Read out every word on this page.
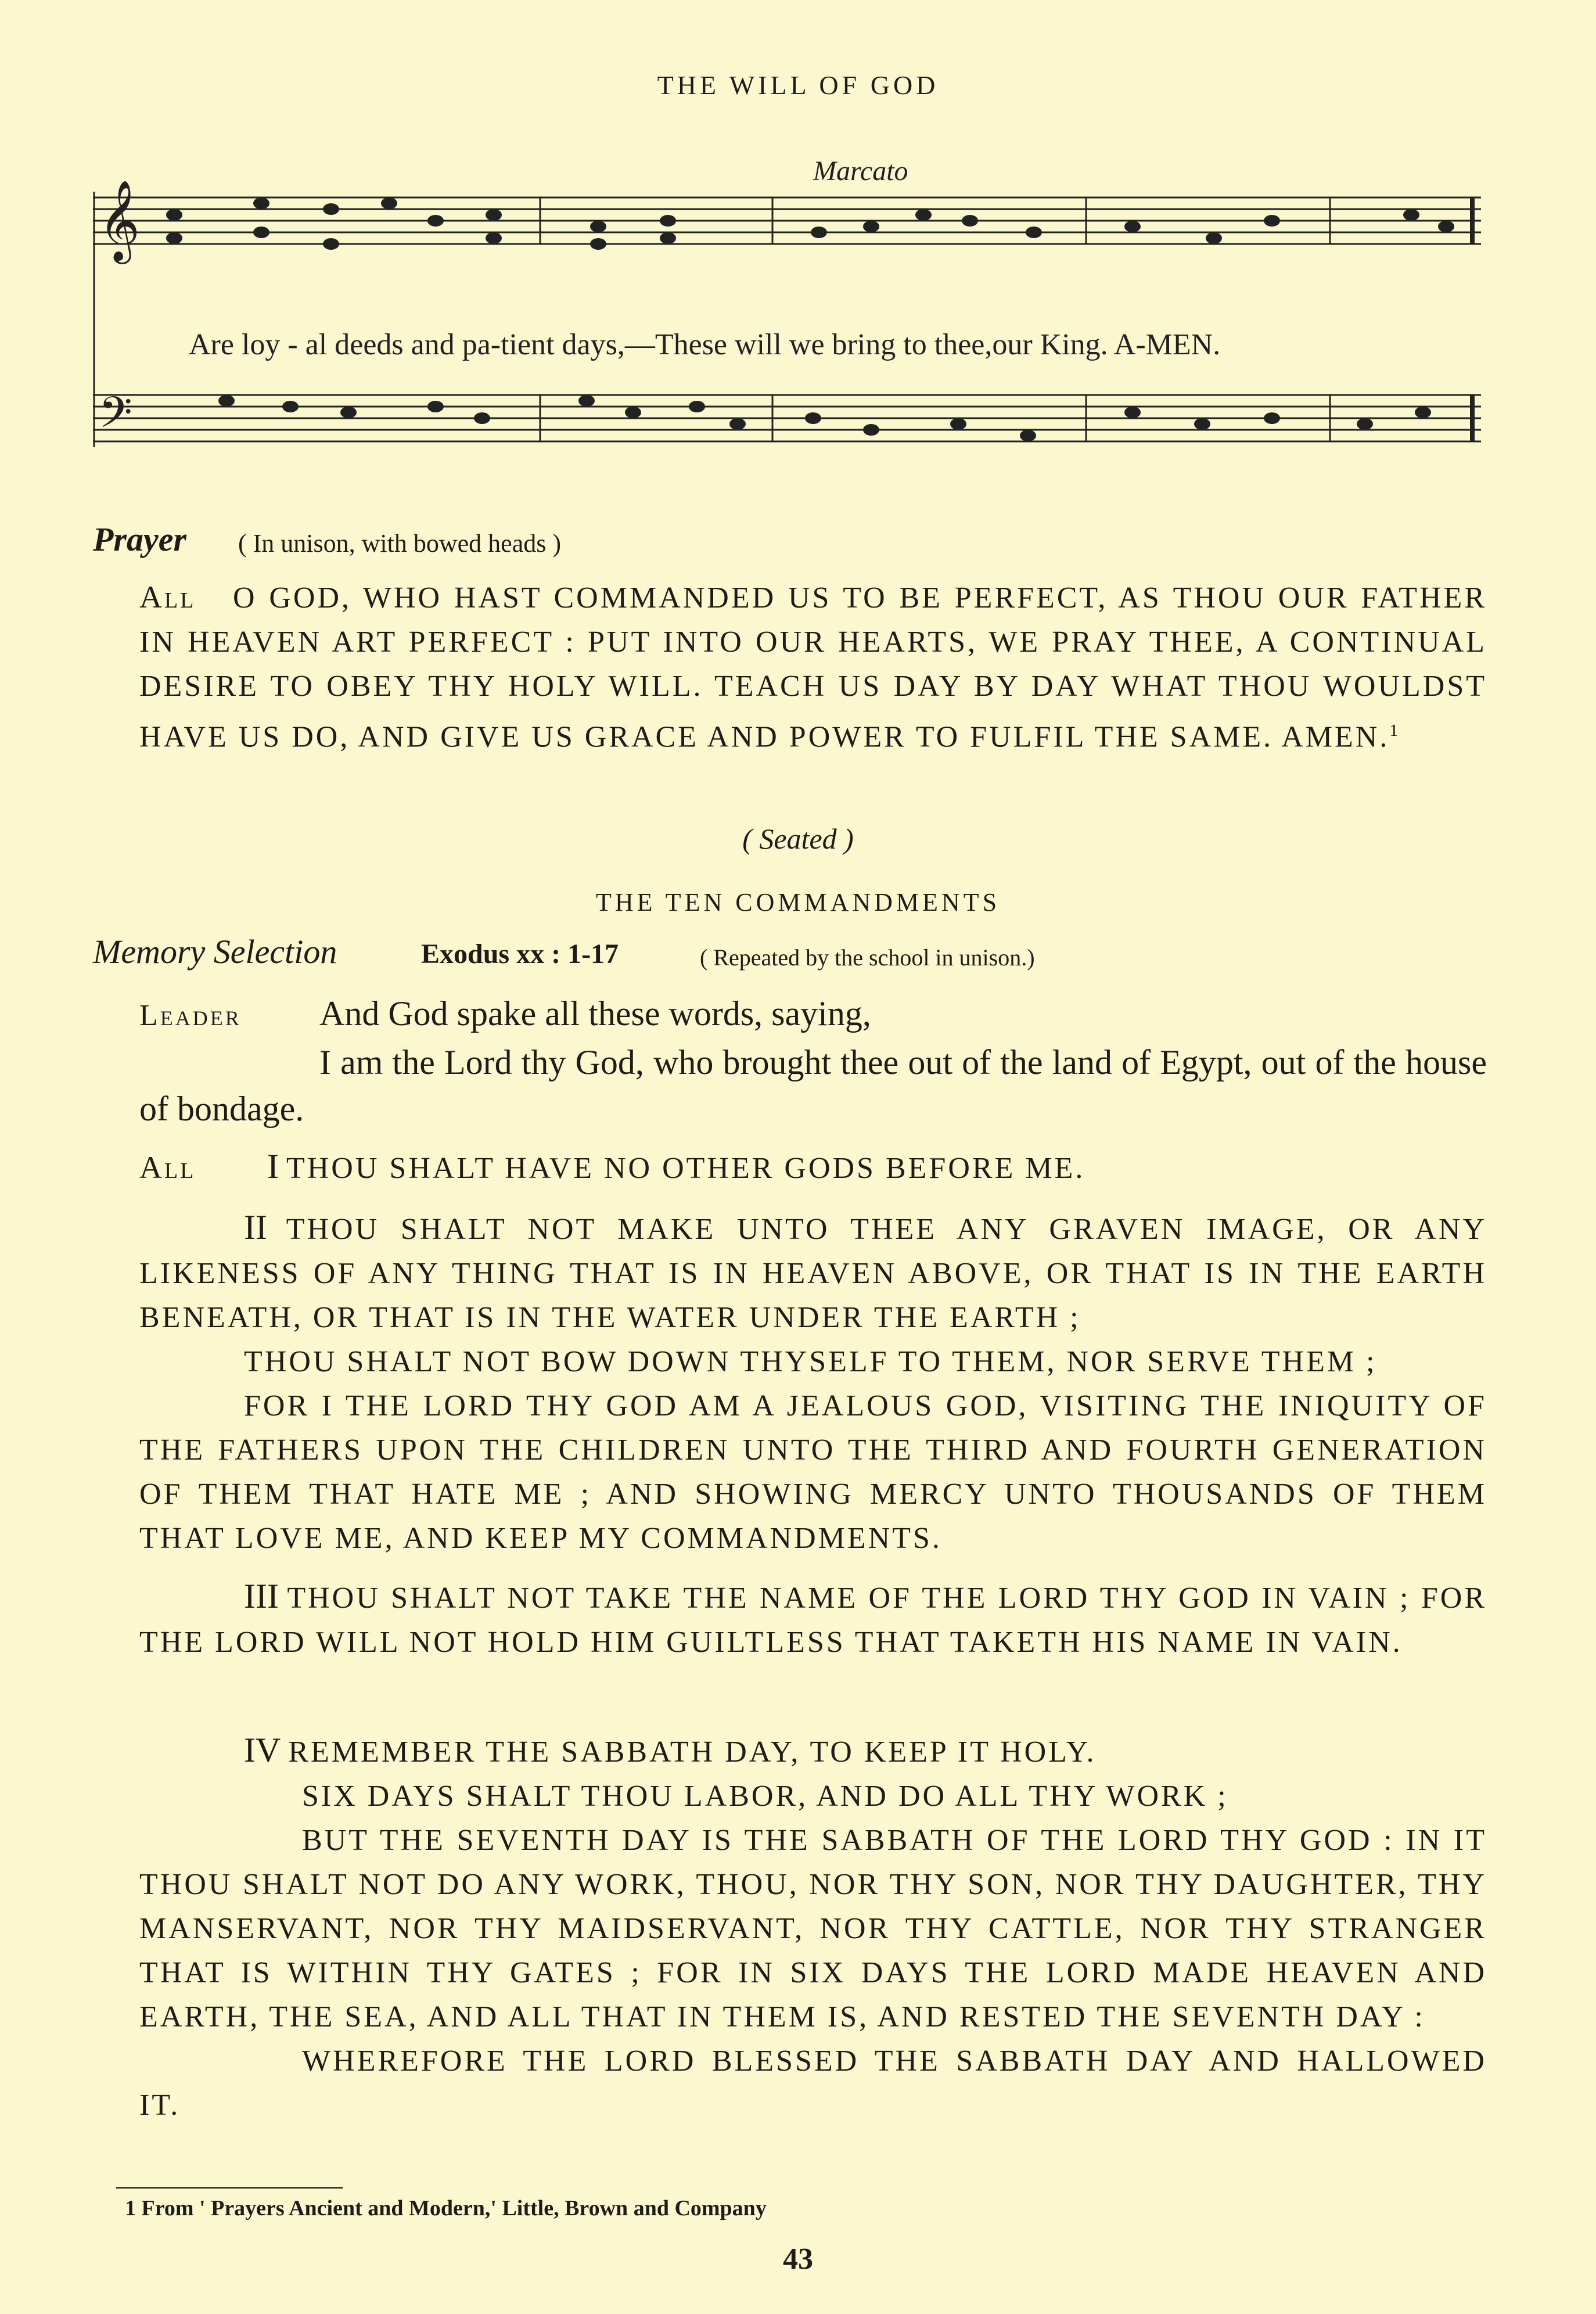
THE WILL OF GOD
𝄞
𝄢
Marcato
Are loy - al deeds and pa-tient days,—These will we bring to thee,our King. A-MEN.
Prayer ( In unison, with bowed heads )
All O GOD, WHO HAST COMMANDED US TO BE PERFECT, AS THOU OUR FATHER IN HEAVEN ART PERFECT : PUT INTO OUR HEARTS, WE PRAY THEE, A CONTINUAL DESIRE TO OBEY THY HOLY WILL. TEACH US DAY BY DAY WHAT THOU WOULDST HAVE US DO, AND GIVE US GRACE AND POWER TO FULFIL THE SAME. AMEN.$^1$
( Seated )
THE TEN COMMANDMENTS
Memory Selection	Exodus xx : 1-17	( Repeated by the school in unison.)
Leader And God spake all these words, saying,
I am the Lord thy God, who brought thee out of the land of Egypt, out of the house of bondage.
All I THOU SHALT HAVE NO OTHER GODS BEFORE ME.
II THOU SHALT NOT MAKE UNTO THEE ANY GRAVEN IMAGE, OR ANY LIKENESS OF ANY THING THAT IS IN HEAVEN ABOVE, OR THAT IS IN THE EARTH BENEATH, OR THAT IS IN THE WATER UNDER THE EARTH ;
THOU SHALT NOT BOW DOWN THYSELF TO THEM, NOR SERVE THEM ;
FOR I THE LORD THY GOD AM A JEALOUS GOD, VISITING THE INIQUITY OF THE FATHERS UPON THE CHILDREN UNTO THE THIRD AND FOURTH GENERATION OF THEM THAT HATE ME ; AND SHOWING MERCY UNTO THOUSANDS OF THEM THAT LOVE ME, AND KEEP MY COMMANDMENTS.
III THOU SHALT NOT TAKE THE NAME OF THE LORD THY GOD IN VAIN ; FOR THE LORD WILL NOT HOLD HIM GUILTLESS THAT TAKETH HIS NAME IN VAIN.
IV REMEMBER THE SABBATH DAY, TO KEEP IT HOLY.
SIX DAYS SHALT THOU LABOR, AND DO ALL THY WORK ;
BUT THE SEVENTH DAY IS THE SABBATH OF THE LORD THY GOD : IN IT THOU SHALT NOT DO ANY WORK, THOU, NOR THY SON, NOR THY DAUGHTER, THY MANSERVANT, NOR THY MAIDSERVANT, NOR THY CATTLE, NOR THY STRANGER THAT IS WITHIN THY GATES ; FOR IN SIX DAYS THE LORD MADE HEAVEN AND EARTH, THE SEA, AND ALL THAT IN THEM IS, AND RESTED THE SEVENTH DAY :
WHEREFORE THE LORD BLESSED THE SABBATH DAY AND HALLOWED IT.
1 From ' Prayers Ancient and Modern,' Little, Brown and Company
43
